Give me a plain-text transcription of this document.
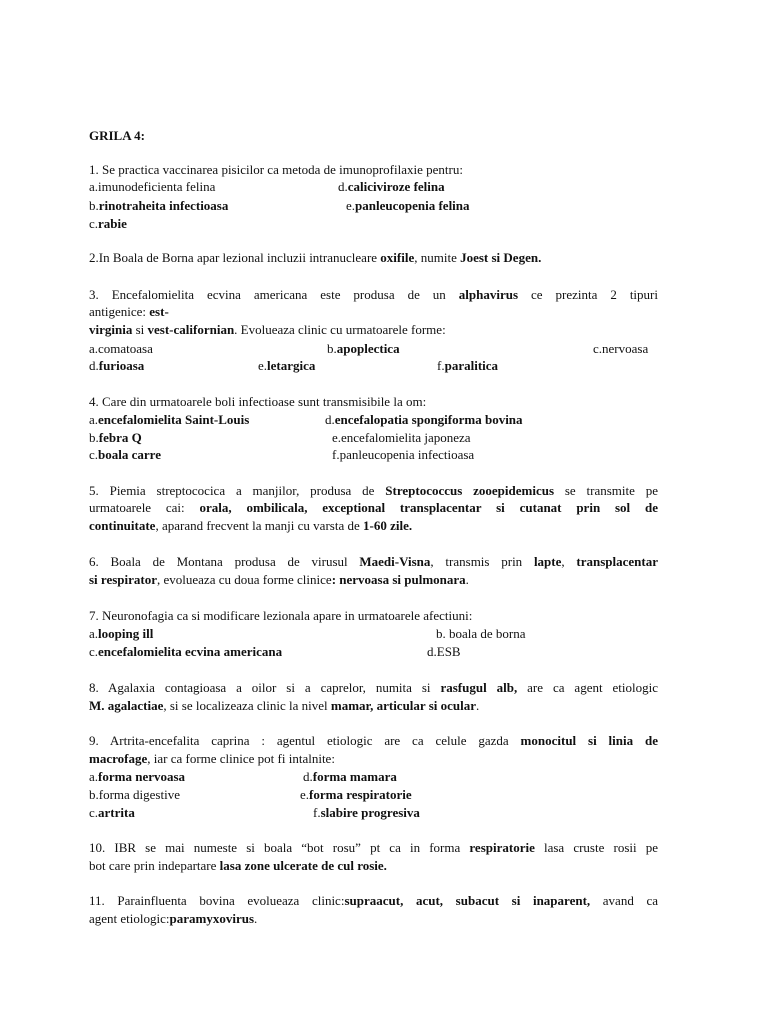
GRILA 4:
1. Se practica vaccinarea pisicilor ca metoda de imunoprofilaxie pentru:
a.imunodeficienta felina	d.caliciviroze felina
b.rinotraheita infectioasa	e.panleucopenia felina
c.rabie
2.In Boala de Borna apar lezional incluzii intranucleare oxifile, numite Joest si Degen.
3. Encefalomielita ecvina americana este produsa de un alphavirus ce prezinta 2 tipuri
antigenice: est-
virginia si vest-californian. Evolueaza clinic cu urmatoarele forme:
a.comatoasa	b.apoplectica	c.nervoasa
d.furioasa	e.letargica	f.paralitica
4. Care din urmatoarele boli infectioase sunt transmisibile la om:
a.encefalomielita Saint-Louis	d.encefalopatia spongiforma bovina
b.febra Q	e.encefalomielita japoneza
c.boala carre	f.panleucopenia infectioasa
5. Piemia streptococica a manjilor, produsa de Streptococcus zooepidemicus se transmite pe
urmatoarele cai: orala, ombilicala, exceptional transplacentar si cutanat prin sol de
continuitate, aparand frecvent la manji cu varsta de 1-60 zile.
6. Boala de Montana produsa de virusul Maedi-Visna, transmis prin lapte, transplacentar
si respirator, evolueaza cu doua forme clinice: nervoasa si pulmonara.
7. Neuronofagia ca si modificare lezionala apare in urmatoarele afectiuni:
a.looping ill	b. boala de borna
c.encefalomielita ecvina americana	d.ESB
8. Agalaxia contagioasa a oilor si a caprelor, numita si rasfugul alb, are ca agent etiologic
M. agalactiae, si se localizeaza clinic la nivel mamar, articular si ocular.
9. Artrita-encefalita caprina : agentul etiologic are ca celule gazda monocitul si linia de
macrofage, iar ca forme clinice pot fi intalnite:
a.forma nervoasa	d.forma mamara
b.forma digestive	e.forma respiratorie
c.artrita	f.slabire progresiva
10. IBR se mai numeste si boala “bot rosu” pt ca in forma respiratorie lasa cruste rosii pe
bot care prin indepartare lasa zone ulcerate de cul rosie.
11. Parainfluenta bovina evolueaza clinic:supraacut, acut, subacut si inaparent, avand ca
agent etiologic:paramyxovirus.
